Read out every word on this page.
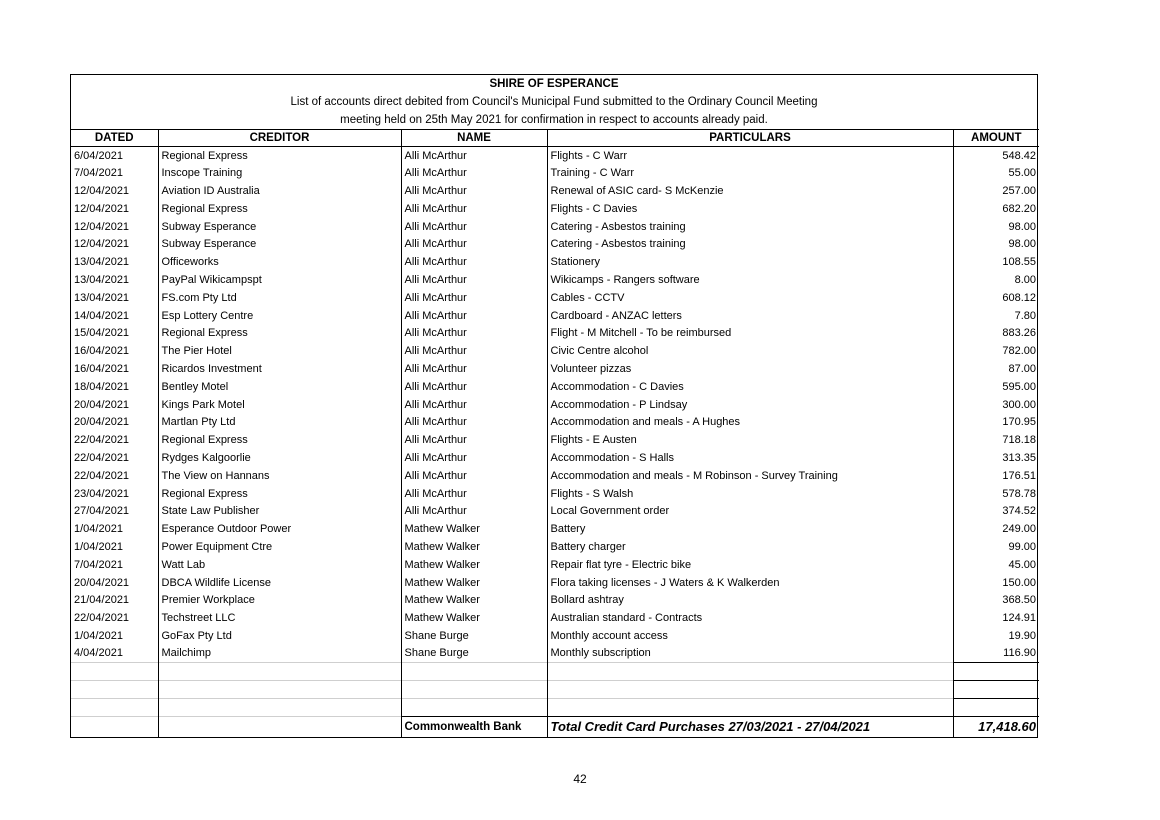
SHIRE OF ESPERANCE
List of accounts direct debited from Council's Municipal Fund submitted to the Ordinary Council Meeting
meeting held on 25th May 2021 for confirmation in respect to accounts already paid.
DATED	CREDITOR	NAME	PARTICULARS	AMOUNT
6/04/2021	Regional Express	Alli McArthur	Flights - C Warr	548.42
7/04/2021	Inscope Training	Alli McArthur	Training - C Warr	55.00
12/04/2021	Aviation ID Australia	Alli McArthur	Renewal of ASIC card- S McKenzie	257.00
12/04/2021	Regional Express	Alli McArthur	Flights - C Davies	682.20
12/04/2021	Subway Esperance	Alli McArthur	Catering - Asbestos training	98.00
12/04/2021	Subway Esperance	Alli McArthur	Catering - Asbestos training	98.00
13/04/2021	Officeworks	Alli McArthur	Stationery	108.55
13/04/2021	PayPal Wikicampspt	Alli McArthur	Wikicamps - Rangers software	8.00
13/04/2021	FS.com Pty Ltd	Alli McArthur	Cables - CCTV	608.12
14/04/2021	Esp Lottery Centre	Alli McArthur	Cardboard - ANZAC letters	7.80
15/04/2021	Regional Express	Alli McArthur	Flight - M Mitchell - To be reimbursed	883.26
16/04/2021	The Pier Hotel	Alli McArthur	Civic Centre alcohol	782.00
16/04/2021	Ricardos Investment	Alli McArthur	Volunteer pizzas	87.00
18/04/2021	Bentley Motel	Alli McArthur	Accommodation - C Davies	595.00
20/04/2021	Kings Park Motel	Alli McArthur	Accommodation - P Lindsay	300.00
20/04/2021	Martlan Pty Ltd	Alli McArthur	Accommodation and meals - A Hughes	170.95
22/04/2021	Regional Express	Alli McArthur	Flights - E Austen	718.18
22/04/2021	Rydges Kalgoorlie	Alli McArthur	Accommodation - S Halls	313.35
22/04/2021	The View on Hannans	Alli McArthur	Accommodation and meals - M Robinson - Survey Training	176.51
23/04/2021	Regional Express	Alli McArthur	Flights - S Walsh	578.78
27/04/2021	State Law Publisher	Alli McArthur	Local Government order	374.52
1/04/2021	Esperance Outdoor Power	Mathew Walker	Battery	249.00
1/04/2021	Power Equipment Ctre	Mathew Walker	Battery charger	99.00
7/04/2021	Watt Lab	Mathew Walker	Repair flat tyre - Electric bike	45.00
20/04/2021	DBCA Wildlife License	Mathew Walker	Flora taking licenses - J Waters & K Walkerden	150.00
21/04/2021	Premier Workplace	Mathew Walker	Bollard ashtray	368.50
22/04/2021	Techstreet LLC	Mathew Walker	Australian standard - Contracts	124.91
1/04/2021	GoFax Pty Ltd	Shane Burge	Monthly account access	19.90
4/04/2021	Mailchimp	Shane Burge	Monthly subscription	116.90

		Commonwealth Bank	Total Credit Card Purchases 27/03/2021 - 27/04/2021	17,418.60
42
